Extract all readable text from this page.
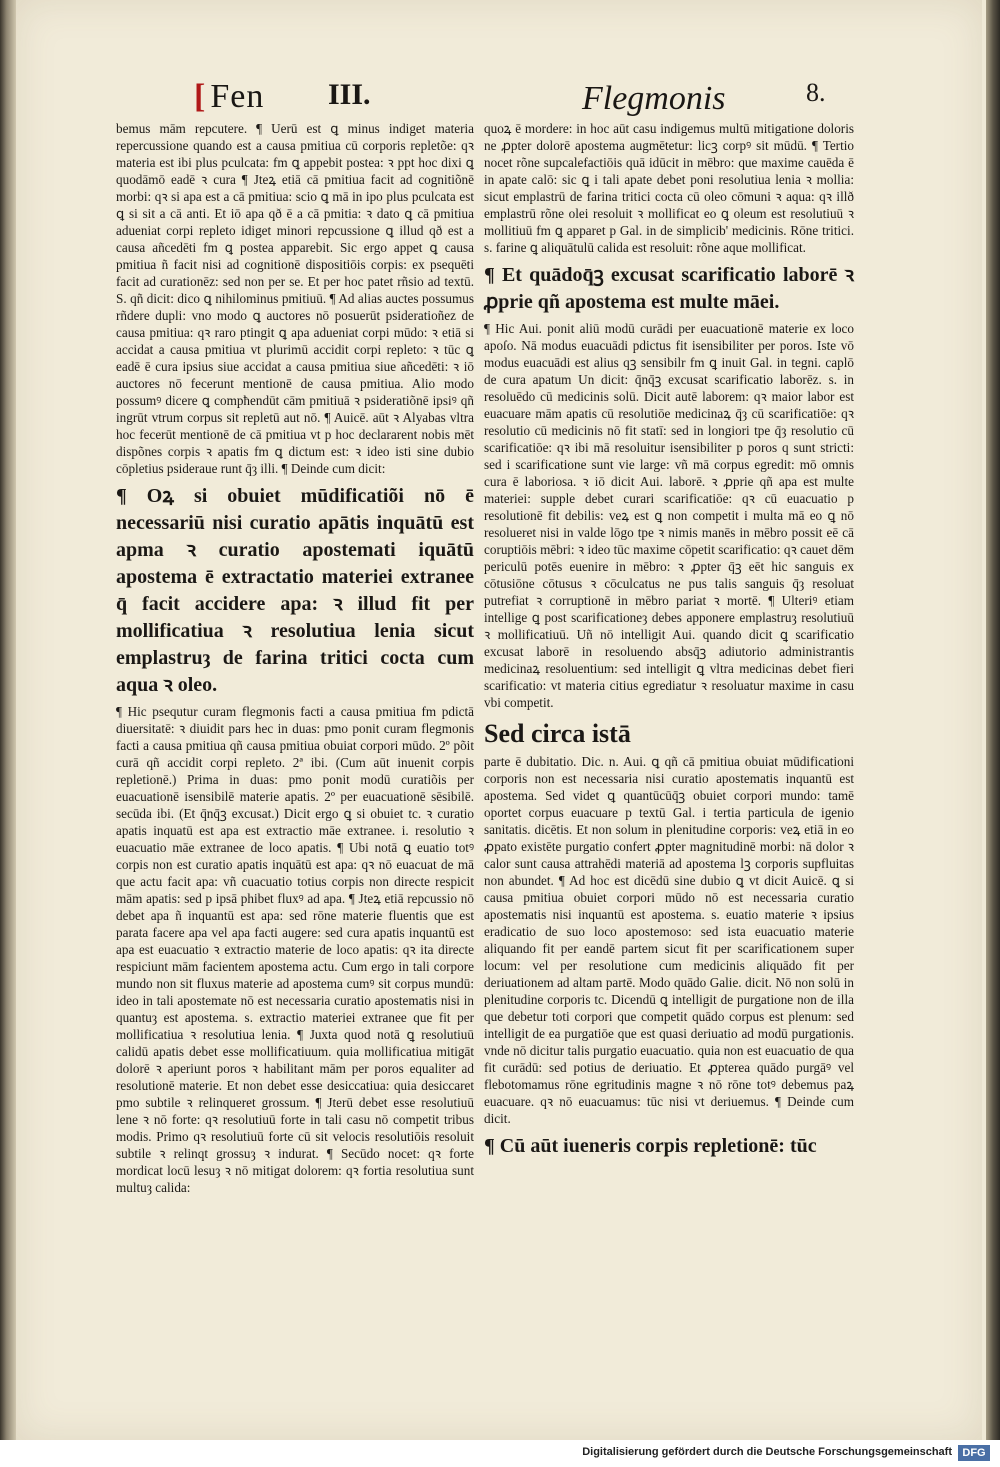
[ Fen III.	Flegmonis	8.

bemus mām repcutere. ¶ Uerū est ꝗ minus indiget materia repercussione quando est a causa pmitiua cū corporis repletõe: qꝛ materia est ibi plus pculcata: fm ꝗ appebit postea: ꝛ ppt hoc dixi ꝗ quodāmō eadē ꝛ cura ¶ Jteꝝ etiā cā pmitiua facit ad cognitiõnē morbi: qꝛ si apa est a cā pmitiua: scio ꝗ mā in ipo plus pculcata est ꝗ si sit a cā anti. Et iō apa qð ē a cā pmitia: ꝛ dato ꝗ cā pmitiua adueniat corpi repleto idiget minori repcussione ꝗ illud qð est a causa añcedēti fm ꝗ postea apparebit. Sic ergo appet ꝗ causa pmitiua ñ facit nisi ad cognitionē dispositiōis corpis: ex psequēti facit ad curationēz: sed non per se. Et per hoc patet rñsio ad textū. S. qñ dicit: dico ꝗ nihilominus pmitiuū. ¶ Ad alias auctes possumus rñdere dupli: vno modo ꝗ auctores nō posuerūt psideratioñez de causa pmitiua: qꝛ raro ptingit ꝗ apa adueniat corpi mūdo: ꝛ etiā si accidat a causa pmitiua vt plurimū accidit corpi repleto: ꝛ tūc ꝗ eadē ē cura ipsius siue accidat a causa pmitiua siue añcedēti: ꝛ iō auctores nō fecerunt mentionē de causa pmitiua. Alio modo possumꝰ dicere ꝗ compħendūt cām pmitiuā ꝛ psideratiõnē ipsiꝰ qñ ingrūt vtrum corpus sit repletū aut nō. ¶ Auicē. aūt ꝛ Alyabas vltra hoc fecerūt mentionē de cā pmitiua vt p hoc declararent nobis mēt dispõnes corpis ꝛ apatis fm ꝗ dictum est: ꝛ ideo isti sine dubio cōpletius psideraue runt q̄ȝ illi. ¶ Deinde cum dicit:

¶ Oꝝ si obuiet mūdificatiõi nō ē necessariū nisi curatio apātis inquātū est apma ꝛ curatio apostemati iquātū apostema ē extractatio materiei extranee q̄ facit accidere apa: ꝛ illud fit per mollificatiua ꝛ resolutiua lenia sicut emplastruȝ de farina tritici cocta cum aqua ꝛ oleo.

¶ Hic psequtur curam flegmonis facti a causa pmitiua fm pdictā diuersitatē: ꝛ diuidit pars hec in duas: pmo ponit curam flegmonis facti a causa pmitiua qñ causa pmitiua obuiat corpori mūdo. 2º põit curā qñ accidit corpi repleto. 2ª ibi. (Cum aūt inuenit corpis repletionē.) Prima in duas: pmo ponit modū curatiõis per euacuationē isensibilē materie apatis. 2º per euacuationē sēsibilē. secūda ibi. (Et q̄nq̄ꝫ excusat.) Dicit ergo ꝗ si obuiet tc. ꝛ curatio apatis inquatū est apa est extractio māe extranee. i. resolutio ꝛ euacuatio māe extranee de loco apatis. ¶ Ubi notā ꝗ euatio totꝰ corpis non est curatio apatis inquātū est apa: qꝛ nō euacuat de mā que actu facit apa: vñ cuacuatio totius corpis non directe respicit mām apatis: sed p ipsā phibet fluxꝰ ad apa. ¶ Jteꝝ etiā repcussio nō debet apa ñ inquantū est apa: sed rōne materie fluentis que est parata facere apa vel apa facti augere: sed cura apatis inquantū est apa est euacuatio ꝛ extractio materie de loco apatis: qꝛ ita directe respiciunt mām facientem apostema actu. Cum ergo in tali corpore mundo non sit fluxus materie ad apostema cumꝰ sit corpus mundū: ideo in tali apostemate nō est necessaria curatio apostematis nisi in quantuȝ est apostema. s. extractio materiei extranee que fit per mollificatiua ꝛ resolutiua lenia. ¶ Juxta quod notā ꝗ resolutiuū calidū apatis debet esse mollificatiuum. quia mollificatiua mitigāt dolorē ꝛ aperiunt poros ꝛ habilitant mām per poros equaliter ad resolutionē materie. Et non debet esse desiccatiua: quia desiccaret pmo subtile ꝛ relinqueret grossum. ¶ Jterū debet esse resolutiuū lene ꝛ nō forte: qꝛ resolutiuū forte in tali casu nō competit tribus modis. Primo qꝛ resolutiuū forte cū sit velocis resolutiōis resoluit subtile ꝛ relinqt grossuȝ ꝛ indurat. ¶ Secūdo nocet: qꝛ forte mordicat locū lesuȝ ꝛ nō mitigat dolorem: qꝛ fortia resolutiua sunt multuȝ calida:

quoꝝ ē mordere: in hoc aūt casu indigemus multū mitigatione doloris ne ꝓpter dolorē apostema augmētetur: licꝫ corpꝰ sit mūdū. ¶ Tertio nocet rõne supcalefactiōis quā idūcit in mēbro: que maxime cauēda ē in apate calō: sic ꝗ i tali apate debet poni resolutiua lenia ꝛ mollia: sicut emplastrū de farina tritici cocta cū oleo cōmuni ꝛ aqua: qꝛ illð emplastrū rõne olei resoluit ꝛ mollificat eo ꝗ oleum est resolutiuū ꝛ mollitiuū fm ꝗ apparet p Gal. in de simplicib' medicinis. Rōne tritici. s. farine ꝗ aliquātulū calida est resoluit: rõne aque mollificat.

¶ Et quādoq̄ꝫ excusat scarificatio laborē ꝛ ꝓprie qñ apostema est multe māei.

¶ Hic Aui. ponit aliū modū curādi per euacuationē materie ex loco apoſo. Nā modus euacuādi pdictus fit isensibiliter per poros. Iste vō modus euacuādi est alius qꝫ sensibilr fm ꝗ inuit Gal. in tegni. caplō de cura apatum Un dicit: q̄nq̄ꝫ excusat scarificatio laborēz. s. in resoluēdo cū medicinis solū. Dicit autē laborem: qꝛ maior labor est euacuare mām apatis cū resolutiōe medicinaꝝ q̄ȝ cū scarificatiōe: qꝛ resolutio cū medicinis nō fit statī: sed in longiori tpe q̄ȝ resolutio cū scarificatiōe: qꝛ ibi mā resoluitur isensibiliter p poros q sunt stricti: sed i scarificatione sunt vie large: vñ mā corpus egredit: mō omnis cura ē laboriosa. ꝛ iō dicit Aui. laborē. ꝛ ꝓprie qñ apa est multe materiei: supple debet curari scarificatiōe: qꝛ cū euacuatio p resolutionē fit debilis: veꝝ est ꝗ non competit i multa mā eo ꝗ nō resolueret nisi in valde lōgo tpe ꝛ nimis manēs in mēbro possit eē cā coruptiōis mēbri: ꝛ ideo tūc maxime cōpetit scarificatio: qꝛ cauet dēm periculū potēs euenire in mēbro: ꝛ ꝓpter q̄ꝫ eēt hic sanguis ex cōtusiōne cōtusus ꝛ cōculcatus ne pus talis sanguis q̄ȝ resoluat putrefiat ꝛ corruptionē in mēbro pariat ꝛ mortē. ¶ Ulteriꝰ etiam intellige ꝗ post scarificationeȝ debes apponere emplastruȝ resolutiuū ꝛ mollificatiuū. Uñ nō intelligit Aui. quando dicit ꝗ scarificatio excusat laborē in resoluendo absq̄ꝫ adiutorio administrantis medicinaꝝ resoluentium: sed intelligit ꝗ vltra medicinas debet fieri scarificatio: vt materia citius egrediatur ꝛ resoluatur maxime in casu vbi competit.

Sed circa istā

parte ē dubitatio. Dic. n. Aui. ꝗ qñ cā pmitiua obuiat mūdificationi corporis non est necessaria nisi curatio apostematis inquantū est apostema. Sed videt ꝗ quantūcūq̄ꝫ obuiet corpori mundo: tamē oportet corpus euacuare p textū Gal. i tertia particula de igenio sanitatis. dicētis. Et non solum in plenitudine corporis: veꝝ etiā in eo ꝓpato existēte purgatio confert ꝓpter magnitudinē morbi: nā dolor ꝛ calor sunt causa attrahēdi materiā ad apostema lꝫ corporis supfluitas non abundet. ¶ Ad hoc est dicēdū sine dubio ꝗ vt dicit Auicē. ꝗ si causa pmitiua obuiet corpori mūdo nō est necessaria curatio apostematis nisi inquantū est apostema. s. euatio materie ꝛ ipsius eradicatio de suo loco apostemoso: sed ista euacuatio materie aliquando fit per eandē partem sicut fit per scarificationem super locum: vel per resolutione cum medicinis aliquādo fit per deriuationem ad altam partē. Modo quādo Galie. dicit. Nō non solū in plenitudine corporis tc. Dicendū ꝗ intelligit de purgatione non de illa que debetur toti corpori que competit quādo corpus est plenum: sed intelligit de ea purgatiōe que est quasi deriuatio ad modū purgationis. vnde nō dicitur talis purgatio euacuatio. quia non est euacuatio de qua fit curādū: sed potius de deriuatio. Et ꝓpterea quādo purgāꝰ vel flebotomamus rōne egritudinis magne ꝛ nō rōne totꝰ debemus paꝝ euacuare. qꝛ nō euacuamus: tūc nisi vt deriuemus. ¶ Deinde cum dicit.

¶ Cū aūt iueneris corpis repletionē: tūc

Digitalisierung gefördert durch die Deutsche Forschungsgemeinschaft DFG
